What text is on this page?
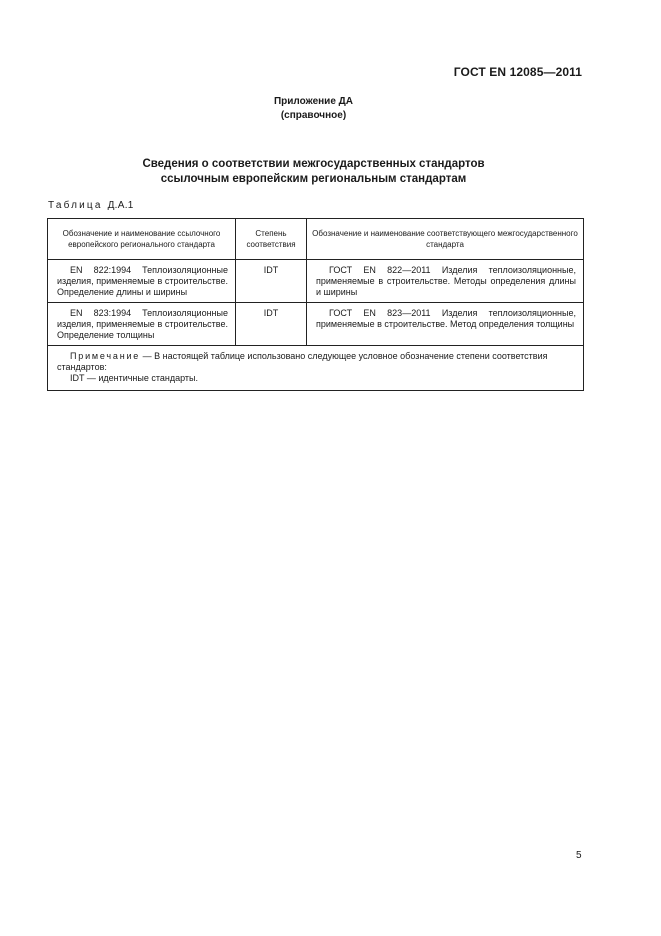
ГОСТ EN 12085—2011
Приложение ДА
(справочное)
Сведения о соответствии межгосударственных стандартов
ссылочным европейским региональным стандартам
Таблица Д.А.1
Обозначение и наименование ссылочного европейского регионального стандарта	Степень соответствия	Обозначение и наименование соответствующего межгосударственного стандарта
EN 822:1994 Теплоизоляционные изделия, применяемые в строительстве. Определение длины и ширины	IDT	ГОСТ EN 822—2011 Изделия теплоизоляционные, применяемые в строительстве. Методы определения длины и ширины
EN 823:1994 Теплоизоляционные изделия, применяемые в строительстве. Определение толщины	IDT	ГОСТ EN 823—2011 Изделия теплоизоляционные, применяемые в строительстве. Метод определения толщины

Примечание — В настоящей таблице использовано следующее условное обозначение степени соответствия стандартов:
IDT — идентичные стандарты.		
5
